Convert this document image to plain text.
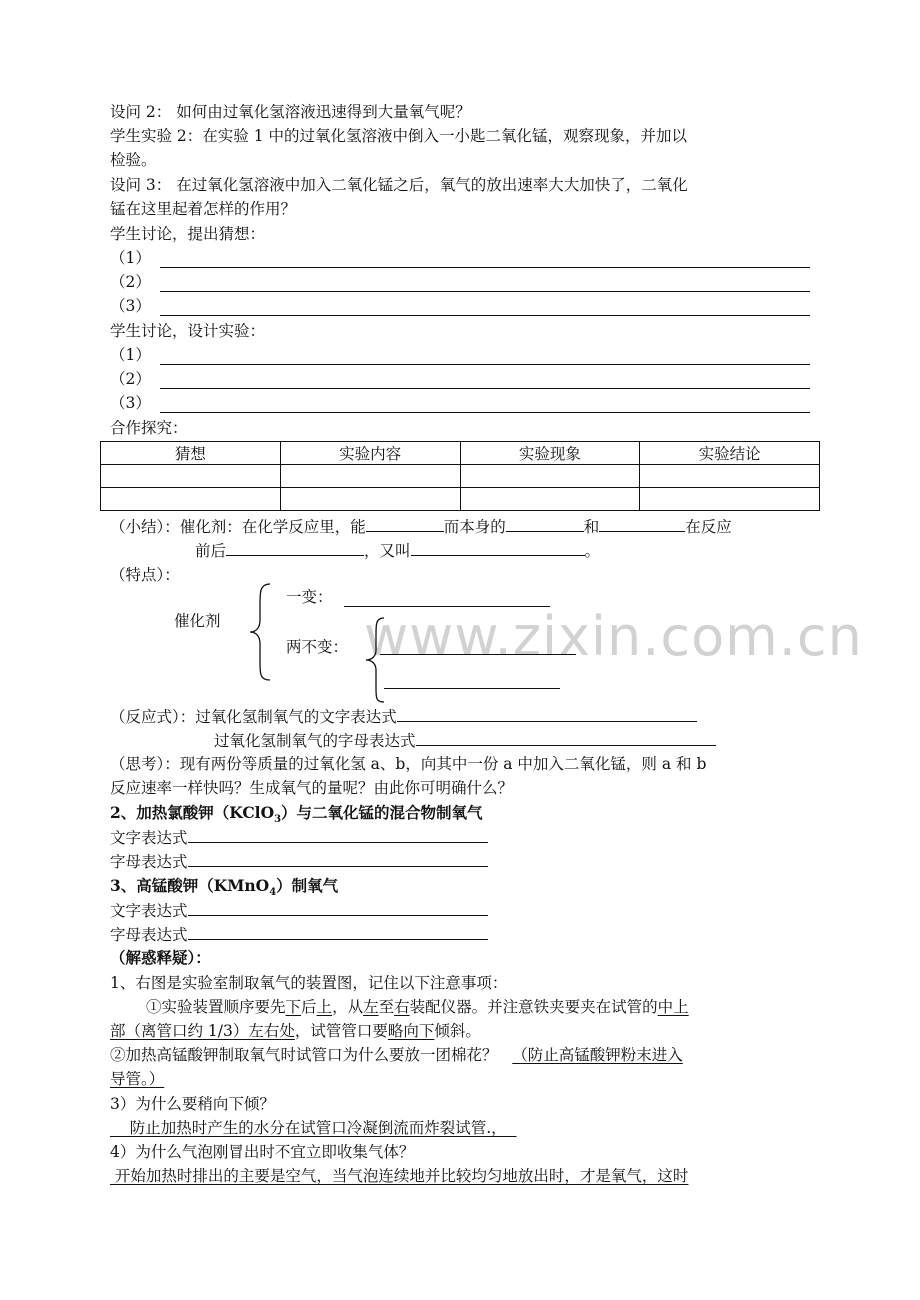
www.zixin.com.cn
设问 2： 如何由过氧化氢溶液迅速得到大量氧气呢？
学生实验 2：在实验 1 中的过氧化氢溶液中倒入一小匙二氧化锰，观察现象，并加以
检验。
设问 3： 在过氧化氢溶液中加入二氧化锰之后，氧气的放出速率大大加快了，二氧化
锰在这里起着怎样的作用？
学生讨论，提出猜想：
（1）
（2）
（3）
学生讨论，设计实验：
（1）
（2）
（3）
合作探究：
猜想	实验内容	实验现象	实验结论

（小结）：催化剂：在化学反应里，能	而本身的	和	在反应
前后	，又叫	。
（特点）：
催化剂
一变：
两不变：
（反应式）：过氧化氢制氧气的文字表达式
过氧化氢制氧气的字母表达式
（思考）：现有两份等质量的过氧化氢 a、b，向其中一份 a 中加入二氧化锰，则 a 和 b
反应速率一样快吗？生成氧气的量呢？由此你可明确什么？
2、加热氯酸钾（KClO$_3$）与二氧化锰的混合物制氧气
文字表达式
字母表达式
3、高锰酸钾（KMnO$_4$）制氧气
文字表达式
字母表达式
（解惑释疑）：
1、右图是实验室制取氧气的装置图，记住以下注意事项：
①实验装置顺序要先下后上，从左至右装配仪器。并注意铁夹要夹在试管的中上
部（离管口约 1/3）左右处，试管管口要略向下倾斜。
②加热高锰酸钾制取氧气时试管口为什么要放一团棉花？   （防止高锰酸钾粉末进入
导管。）
3）为什么要稍向下倾？
防止加热时产生的水分在试管口冷凝倒流而炸裂试管.，
4）为什么气泡刚冒出时不宜立即收集气体？
开始加热时排出的主要是空气，当气泡连续地并比较均匀地放出时，才是氧气，这时
